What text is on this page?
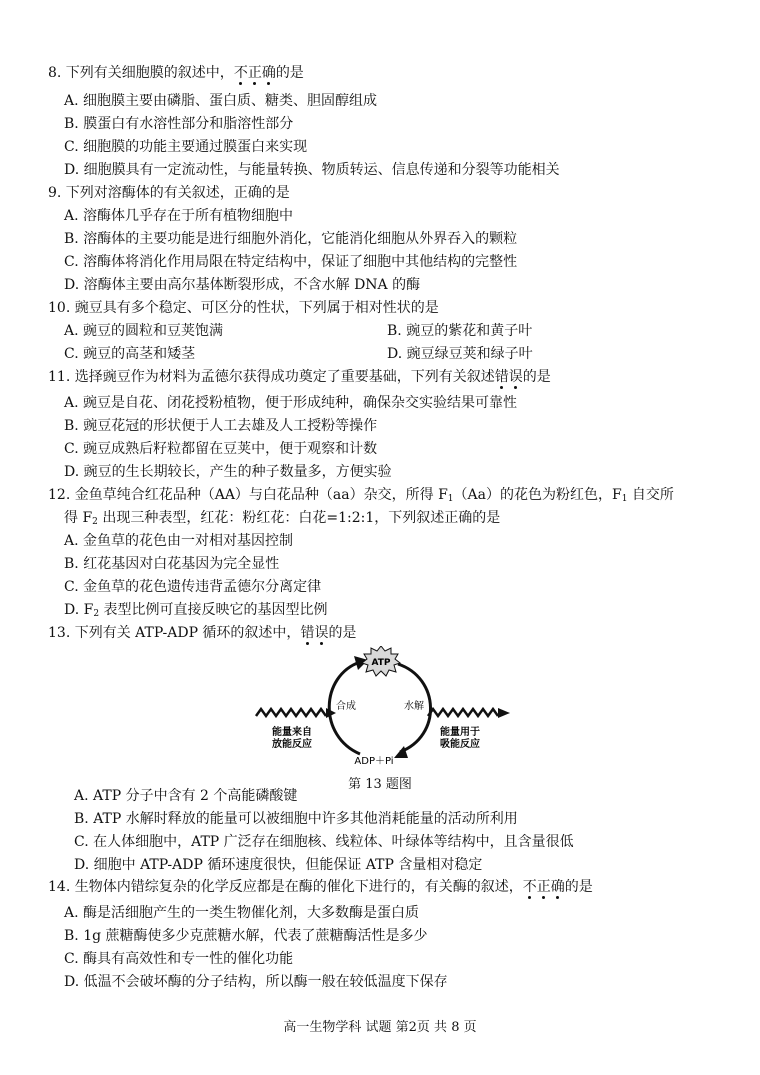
8. 下列有关细胞膜的叙述中，不正确的是
A. 细胞膜主要由磷脂、蛋白质、糖类、胆固醇组成
B. 膜蛋白有水溶性部分和脂溶性部分
C. 细胞膜的功能主要通过膜蛋白来实现
D. 细胞膜具有一定流动性，与能量转换、物质转运、信息传递和分裂等功能相关
9. 下列对溶酶体的有关叙述，正确的是
A. 溶酶体几乎存在于所有植物细胞中
B. 溶酶体的主要功能是进行细胞外消化，它能消化细胞从外界吞入的颗粒
C. 溶酶体将消化作用局限在特定结构中，保证了细胞中其他结构的完整性
D. 溶酶体主要由高尔基体断裂形成，不含水解 DNA 的酶
10. 豌豆具有多个稳定、可区分的性状，下列属于相对性状的是
A. 豌豆的圆粒和豆荚饱满	B. 豌豆的紫花和黄子叶
C. 豌豆的高茎和矮茎	D. 豌豆绿豆荚和绿子叶
11. 选择豌豆作为材料为孟德尔获得成功奠定了重要基础，下列有关叙述错误的是
A. 豌豆是自花、闭花授粉植物，便于形成纯种，确保杂交实验结果可靠性
B. 豌豆花冠的形状便于人工去雄及人工授粉等操作
C. 豌豆成熟后籽粒都留在豆荚中，便于观察和计数
D. 豌豆的生长期较长，产生的种子数量多，方便实验
12. 金鱼草纯合红花品种（AA）与白花品种（aa）杂交，所得 $F_1(Aa)$的花色为粉红色，$F_1$ 自交所
得 $F_2$ 出现三种表型，红花：粉红花：白花=1:2:1，下列叙述正确的是
A. 金鱼草的花色由一对相对基因控制
B. 红花基因对白花基因为完全显性
C. 金鱼草的花色遗传违背孟德尔分离定律
D. $F_2$ 表型比例可直接反映它的基因型比例
13. 下列有关 ATP-ADP 循环的叙述中，错误的是
ATP
ADP＋Pi
合成	水解
能量来自
放能反应
能量用于
吸能反应
第 13 题图
A. ATP 分子中含有 2 个高能磷酸键
B. ATP 水解时释放的能量可以被细胞中许多其他消耗能量的活动所利用
C. 在人体细胞中，ATP 广泛存在细胞核、线粒体、叶绿体等结构中，且含量很低
D. 细胞中 ATP-ADP 循环速度很快，但能保证 ATP 含量相对稳定
14. 生物体内错综复杂的化学反应都是在酶的催化下进行的，有关酶的叙述，不正确的是
A. 酶是活细胞产生的一类生物催化剂，大多数酶是蛋白质
B. 1g 蔗糖酶使多少克蔗糖水解，代表了蔗糖酶活性是多少
C. 酶具有高效性和专一性的催化功能
D. 低温不会破坏酶的分子结构，所以酶一般在较低温度下保存
高一生物学科 试题 第2页 共 8 页
